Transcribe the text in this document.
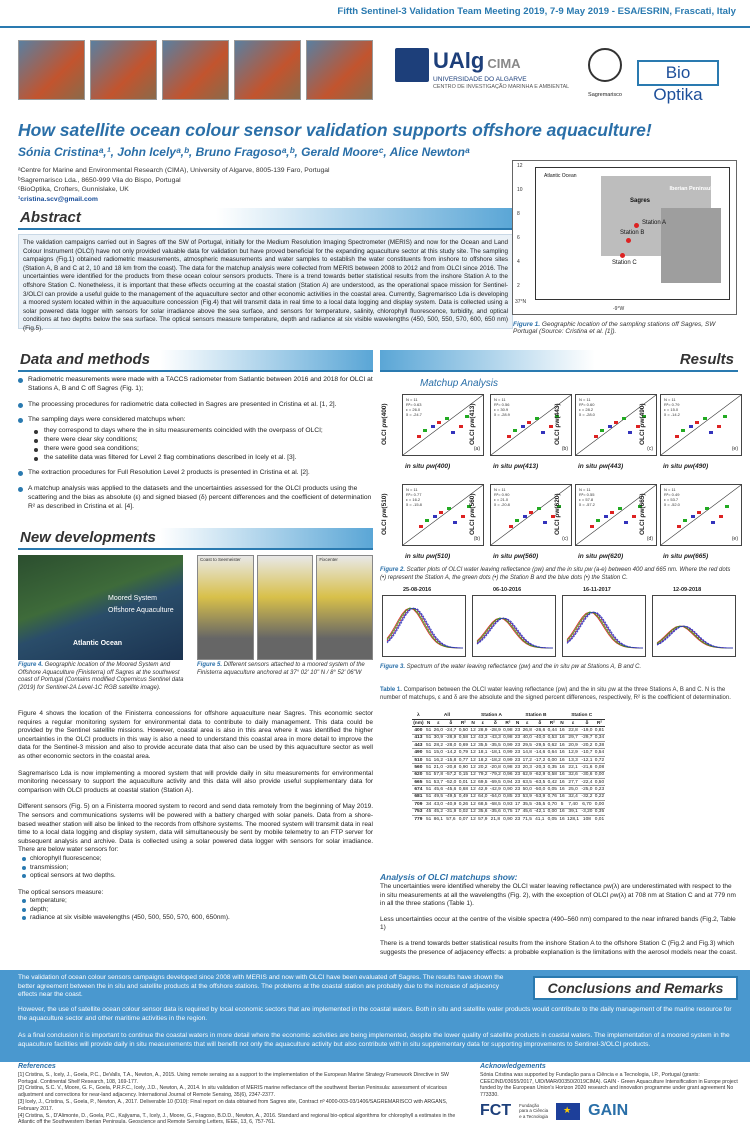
Fifth Sentinel-3 Validation Team Meeting 2019, 7-9 May 2019 - ESA/ESRIN, Frascati, Italy
UAlg CIMA
UNIVERSIDADE DO ALGARVE
CENTRO DE INVESTIGAÇÃO MARINHA E AMBIENTAL
Sagremarisco
Bio Optika
How satellite ocean colour sensor validation supports offshore aquaculture!
Sónia Cristinaᵃ,¹, John Icelyᵃ,ᵇ, Bruno Fragosoᵃ,ᵇ, Gerald Mooreᶜ, Alice Newtonᵃ
ᵃCentre for Marine and Environmental Research (CIMA), University of Algarve, 8005-139 Faro, Portugal
ᵇSagremarisco Lda., 8650-999 Vila do Bispo, Portugal
ᶜBioOptika, Crofters, Gunnislake, UK
¹cristina.scv@gmail.com
Abstract
The validation campaigns carried out in Sagres off the SW of Portugal, initially for the Medium Resolution Imaging Spectrometer (MERIS) and now for the Ocean and Land Colour Instrument (OLCI) have not only provided valuable data for validation but have proved beneficial for the expanding aquaculture sector at this study site. The sampling campaigns (Fig.1) obtained radiometric measurements, atmospheric measurements and water samples to establish the water constituents from inshore to offshore sites (Station A, B and C at 2, 10 and 18 km from the coast). The data for the matchup analysis were collected from MERIS between 2008 to 2012 and from OLCI since 2016. The uncertainties were identified for the products from these ocean colour sensors products. There is a trend towards better statistical results from the inshore Station A to the offshore Station C. Nonetheless, it is important that these effects occurring at the coastal station (Station A) are understood, as the operational space mission for Sentinel-3/OLCI can provide a useful guide to the management of the aquaculture sector and other economic activities in the coastal area. Currently, Sagremarisco Lda is developing a moored system located within in the aquaculture concession (Fig.4) that will transmit data in real time to a local data logging and display system. Data is collected using a solar powered data logger with sensors for solar irradiance above the sea surface, and sensors for temperature, salinity, chlorophyll fluorescence, turbidity, and optical conditions at two depths below the sea surface. The optical sensors measure temperature, depth and radiance at six visible wavelengths (450, 500, 550, 570, 600, 650 nm) (Fig.5).
Sagres
Station A
Station B
Station C
Atlantic Ocean
Iberian Peninsula
12
10
8
6
4
2
37°N
-9°W
Figure 1. Geographic location of the sampling stations off Sagres, SW Portugal (Source: Cristina et al. [1]).
Data and methods
Radiometric measurements were made with a TACCS radiometer from Satlantic between 2016 and 2018 for OLCI at Stations A, B and C off Sagres (Fig. 1);
The processing procedures for radiometric data collected in Sagres are presented in Cristina et al. [1, 2].
The sampling days were considered matchups when:
they correspond to days where the in situ measurements coincided with the overpass of OLCI;
there were clear sky conditions;
there were good sea conditions;
the satellite data was filtered for Level 2 flag combinations described in Icely et al. [3].
The extraction procedures for Full Resolution Level 2 products is presented in Cristina et al. [2].
A matchup analysis was applied to the datasets and the uncertainties assessed for the OLCI products using the scattering and the bias as absolute (ε) and signed biased (δ) percent differences and the coefficient of determination R² as described in Cristina et al. [4].
Results
Matchup Analysis
N = 11
R²= 0.63
ε = 26.0
δ = -24.7
OLCI ρw(400)
in situ ρw(400)
(a)
N = 11
R²= 0.56
ε = 30.9
δ = -28.9
OLCI ρw(413)
in situ ρw(413)
(b)
N = 11
R²= 0.60
ε = 28.2
δ = -28.0
OLCI ρw(443)
in situ ρw(443)
(c)
N = 11
R²= 0.79
ε = 15.0
δ = -14.2
OLCI ρw(490)
in situ ρw(490)
(e)
N = 11
R²= 0.77
ε = 16.2
δ = -15.8
OLCI ρw(510)
in situ ρw(510)
(b)
N = 11
R²= 0.90
ε = 21.0
δ = -20.8
OLCI ρw(560)
in situ ρw(560)
(c)
N = 11
R²= 0.55
ε = 57.8
δ = -57.2
OLCI ρw(620)
in situ ρw(620)
(d)
N = 11
R²= 0.49
ε = 53.7
δ = -52.0
OLCI ρw(665)
in situ ρw(665)
(e)
Figure 2. Scatter plots of OLCI water leaving reflectance (ρw) and the in situ ρw (a-e) between 400 and 665 nm. Where the red dots (•) represent the Station A, the green dots (•) the Station B and the blue dots (•) the Station C.
25-08-2016	06-10-2016	16-11-2017	12-09-2018
Figure 3. Spectrum of the water leaving reflectance (ρw) and the in situ ρw at Stations A, B and C.
Table 1. Comparison between the OLCI water leaving reflectance (ρw) and the in situ ρw at the three Stations A, B and C. N is the number of matchups, ε and δ are the absolute and the signed percent differences, respectively, R² is the coefficient of determination.
λ	All				Station A				Station B				Station C			
(nm)	N	ε	δ	R²	N	ε	δ	R²	N	ε	δ	R²	N	ε	δ	R²
400	51	26,0	-24,7	0,50	12	28,9	-28,9	0,98	23	26,8	-26,6	0,44	16	22,8	-19,0	0,81
413	51	30,9	-28,9	0,58	12	43,3	-43,3	0,98	23	40,0	-40,0	0,53	16	29,7	-29,7	0,34
443	51	28,2	-28,0	0,69	12	35,5	-35,5	0,99	23	29,5	-29,5	0,62	16	20,9	-20,2	0,38
490	51	15,0	-14,2	0,79	12	18,1	-18,1	0,99	23	14,8	-14,6	0,64	16	12,9	-10,7	0,54
510	51	16,2	-15,8	0,77	12	18,2	-18,2	0,99	23	17,2	-17,2	0,00	16	13,3	-12,1	0,72
560	51	21,0	-20,8	0,90	12	20,2	-20,8	0,98	23	20,3	-20,3	0,35	16	22,1	-21,6	0,08
620	51	57,8	-57,2	0,15	12	79,2	-79,2	0,96	23	62,9	-62,9	0,58	16	32,6	-30,6	0,00
665	51	53,7	-52,0	0,01	12	69,5	-69,5	0,94	23	63,5	-63,5	0,42	16	27,7	-22,4	0,50
674	51	45,6	-45,6	0,68	12	42,9	-42,9	0,90	23	50,0	-50,0	0,05	16	25,0	-25,0	0,23
681	51	49,5	-49,5	0,49	12	64,0	-64,0	0,85	23	53,9	-53,9	0,76	16	32,4	-32,2	0,22
709	34	43,0	-40,9	0,26	12	68,5	-68,5	0,93	17	35,5	-35,5	0,70	5	7,40	6,70	0,00
753	45	45,2	-31,9	0,02	12	35,6	-35,6	0,75	17	45,6	-42,1	0,00	16	39,1	-3,20	0,35
779	51	86,1	57,6	0,07	12	57,9	21,8	0,90	23	71,5	41,1	0,05	16	128,1	108	0,01
New developments
Moored System
Offshore Aquaculture
Atlantic Ocean
Coast to Seemeister	Fixcenter
Figure 4. Geographic location of the Moored System and Offshore Aquaculture (Finisterra) off Sagres at the southwest coast of Portugal (Contains modified Copernicus Sentinel data (2019) for Sentinel-2A Level-1C RGB satellite image).
Figure 5. Different sensors attached to a moored system of the Finisterra aquaculture anchored at 37° 02' 10" N / 8° 52' 06"W

Figure 4 shows the location of the Finisterra concessions for offshore aquaculture near Sagres. This economic sector requires a regular monitoring system for environmental data to contribute to daily management. This data could be provided by the Sentinel satellite missions. However, coastal area is also in this area where it was identified the higher uncertainties in the OLCI products in this way is also a need to understand this coastal area in more detail to improve the data for the Sentinel-3 mission and also to provide accurate data that also can be used by this aquaculture sector as well as other economic sectors in the coastal area.

Sagremarisco Lda is now implementing a moored system that will provide daily in situ measurements for environmental monitoring necessary to support the aquaculture activity and this data will also provide useful supplementary data for comparison with OLCI products at coastal station (Station A).

Different sensors (Fig. 5) on a Finisterra moored system to record and send data remotely from the beginning of May 2019. The sensors and communications systems will be powered with a battery charged with solar panels. Data from a shore-based weather station will also be linked to the records from offshore systems. The moored system will transmit data in real time to a local data logging and display system, data will simultaneously be sent by mobile telemetry to an FTP server for subsequent analysis and archive. Data is collected using a solar powered data logger with sensors for solar irradiance. There are below water sensors for:

chlorophyll fluorescence;
transmission;
optical sensors at two depths.

The optical sensors measure:

temperature;
depth;
radiance at six visible wavelengths (450, 500, 550, 570, 600, 650nm).
Analysis of OLCI matchups show:

The uncertainties were identified whereby the OLCI water leaving reflectance ρw(λ) are underestimated with respect to the in situ measurements at all the wavelengths (Fig. 2), with the exception of OLCI ρw(λ) at 708 nm at Station C and at 779 nm in all the three stations (Table 1).

Less uncertainties occur at the centre of the visible spectra (490–560 nm) compared to the near infrared bands (Fig.2, Table 1)

There is a trend towards better statistical results from the inshore Station A to the offshore Station C (Fig.2 and Fig.3) which suggests the presence of adjacency effects: a probable explanation is the limitations with the aerosol models near the coast.

Conclusions and Remarks

The validation of ocean colour sensors campaigns developed since 2008 with MERIS and now with OLCI have been evaluated off Sagres. The results have shown the better agreement between the in situ and satellite products at the offshore stations. The problems at the coastal station are probably due to the increase of adjacency effects near the coast.

However, the use of satellite ocean colour sensor data is required by local economic sectors that are implemented in the coastal waters. Both in situ and satellite water products would contribute to the daily management of the marine resource for the aquaculture sector and other maritime activities in the region.

As a final conclusion it is important to continue the coastal waters in more detail where the economic activities are being implemented, despite the lower quality of satellite products in coastal waters. The implementation of a moored system in the aquaculture facilities will provide daily in situ measurements that will benefit not only the aquaculture activity but also contribute with in situ supplementary data for supporting improvements to Sentinel-3/OLCI products.

References
[1] Cristina, S., Icely, J., Goela, P.C., DeValls, T.A., Newton, A., 2015. Using remote sensing as a support to the implementation of the European Marine Strategy Framework Directive in SW Portugal. Continental Shelf Research, 108, 169-177.
[2] Cristina, S.C. V., Moore, G. F., Goela, P.R.F.C., Icely, J.D., Newton, A., 2014. In situ validation of MERIS marine reflectance off the southwest Iberian Peninsula: assessment of vicarious adjustment and corrections for near-land adjacency. International Journal of Remote Sensing, 35(6), 2347-2377.
[3] Icely, J., Cristina, S., Goela, P., Newton, A., 2017. Deliverable 10 (D10): Final report on data obtained from Sagres site, Contract nº 4000-003-03/1406/SAGREMARISCO with ARGANS, February 2017.
[4] Cristina, S., D'Alimonte, D., Goela, P.C., Kajiyama, T., Icely, J., Moore, G., Fragoso, B.D.D., Newton, A., 2016. Standard and regional bio-optical algorithms for chlorophyll a estimates in the Atlantic off the Southwestern Iberian Peninsula. Geoscience and Remote Sensing Letters, IEEE, 13, 6, 757-761.
Acknowledgements
Sónia Cristina was supported by Fundação para a Ciência e a Tecnologia, I.P., Portugal (grants: CEECIND/03655/2017, UID/MAR/00350/2019CIMA). GAIN - Green Aquaculture Intensification in Europe project funded by the European Union's Horizon 2020 research and innovation programme under grant agreement No 773330.
FCT Fundação
para a Ciência
e a Tecnologia
★ GAIN
